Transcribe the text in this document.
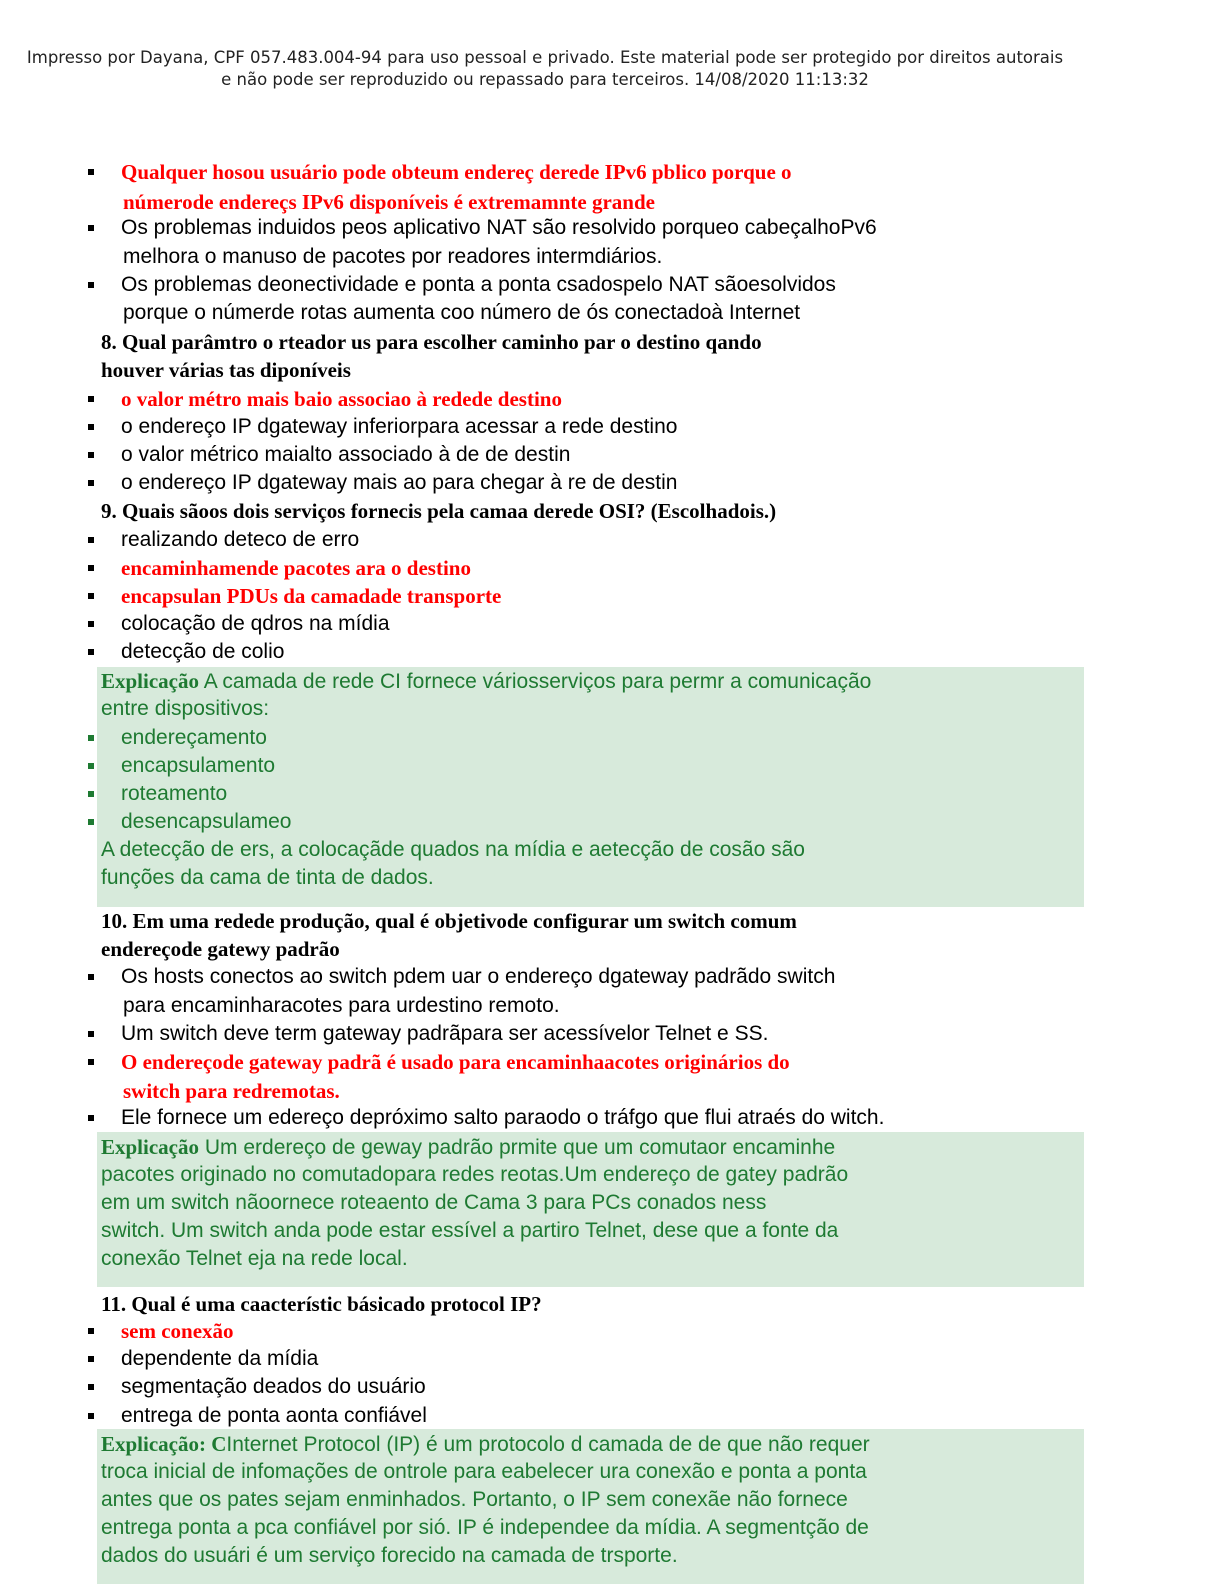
Impresso por Dayana, CPF 057.483.004-94 para uso pessoal e privado. Este material pode ser protegido por direitos autorais
e não pode ser reproduzido ou repassado para terceiros. 14/08/2020 11:13:32
Qualquer hosou usuário pode obteum endereç derede IPv6 pblico porque o
númerode endereçs IPv6 disponíveis é extremamnte grande
Os problemas induidos peos aplicativo NAT são resolvido porqueo cabeçalhoPv6
melhora o manuso de pacotes por readores intermdiários.
Os problemas deonectividade e ponta a ponta csadospelo NAT sãoesolvidos
porque o númerde rotas aumenta coo número de ós conectadoà Internet
8. Qual parâmtro o rteador us para escolher caminho par o destino qando
houver várias tas diponíveis
o valor métro mais baio associao à redede destino
o endereço IP dgateway inferiorpara acessar a rede destino
o valor métrico maialto associado à de de destin
o endereço IP dgateway mais ao para chegar à re de destin
9. Quais sãoos dois serviços fornecis pela camaa derede OSI? (Escolhadois.)
realizando deteco de erro
encaminhamende pacotes ara o destino
encapsulan PDUs da camadade transporte
colocação de qdros na mídia
detecção de colio
Explicação A camada de rede CI fornece váriosserviços para permr a comunicação
entre dispositivos:
endereçamento
encapsulamento
roteamento
desencapsulameo
A detecção de ers, a colocaçãde quados na mídia e aetecção de cosão são
funções da cama de tinta de dados.
10. Em uma redede produção, qual é objetivode configurar um switch comum
endereçode gatewy padrão
Os hosts conectos ao switch pdem uar o endereço dgateway padrãdo switch
para encaminharacotes para urdestino remoto.
Um switch deve term gateway padrãpara ser acessívelor Telnet e SS.
O endereçode gateway padrã é usado para encaminhaacotes originários do
switch para redremotas.
Ele fornece um edereço depróximo salto paraodo o tráfgo que flui atraés do witch.
Explicação Um erdereço de geway padrão prmite que um comutaor encaminhe
pacotes originado no comutadopara redes reotas.Um endereço de gatey padrão
em um switch nãoornece roteaento de Cama 3 para PCs conados ness
switch. Um switch anda pode estar essível a partiro Telnet, dese que a fonte da
conexão Telnet eja na rede local.
11. Qual é uma caacterístic básicado protocol IP?
sem conexão
dependente da mídia
segmentação deados do usuário
entrega de ponta aonta confiável
Explicação: CInternet Protocol (IP) é um protocolo d camada de de que não requer
troca inicial de infomações de ontrole para eabelecer ura conexão e ponta a ponta
antes que os pates sejam enminhados. Portanto, o IP sem conexãe não fornece
entrega ponta a pca confiável por sió. IP é independee da mídia. A segmentção de
dados do usuári é um serviço forecido na camada de trsporte.
